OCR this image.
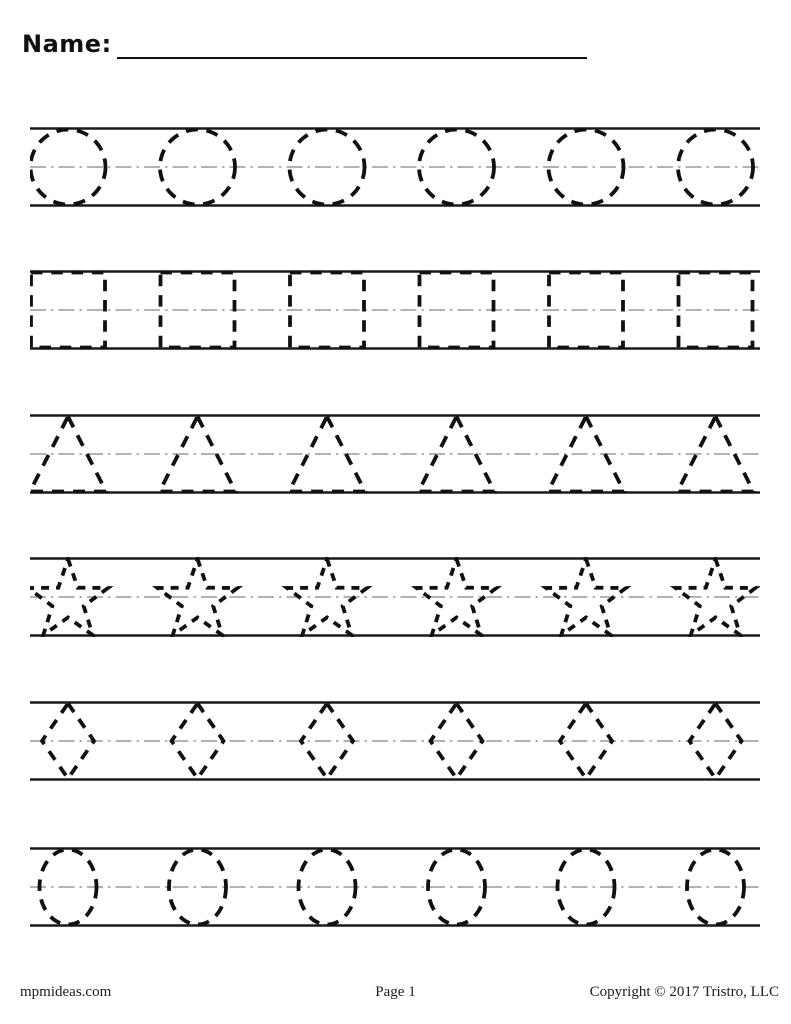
Name:
mpmideas.com	Page 1	Copyright © 2017 Tristro, LLC
